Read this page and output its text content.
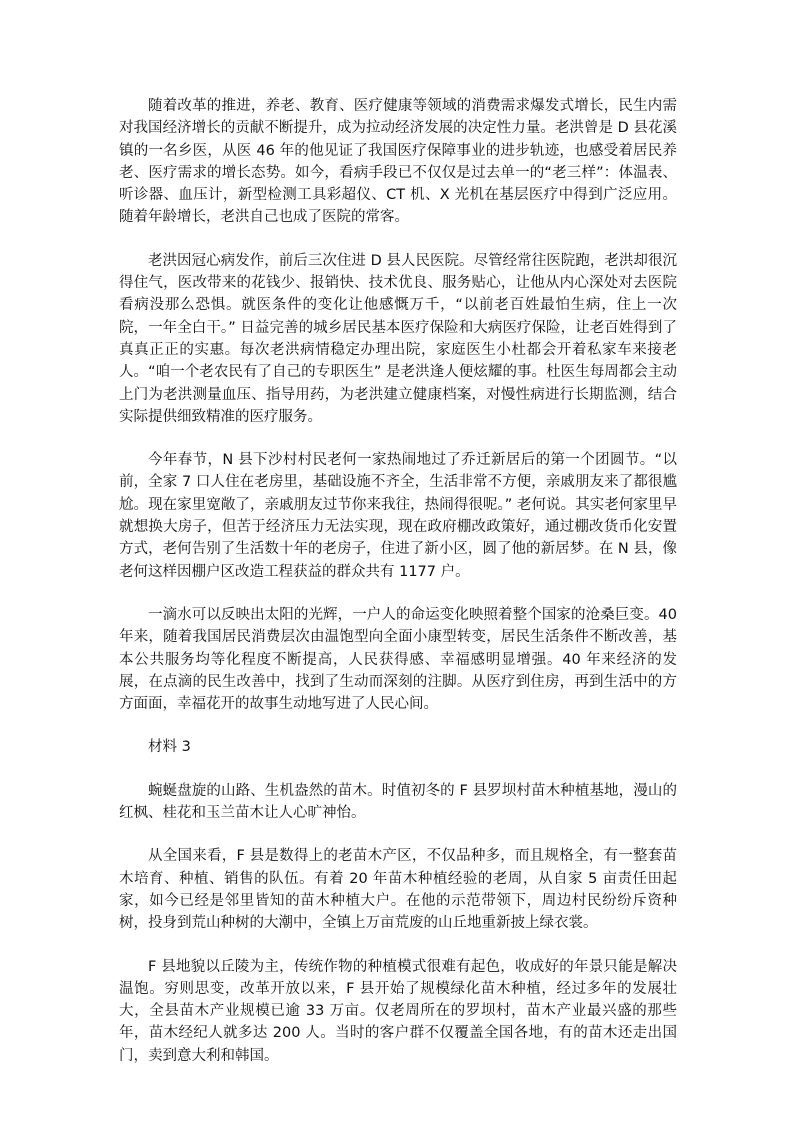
随着改革的推进，养老、教育、医疗健康等领域的消费需求爆发式增长，民生内需对我国经济增长的贡献不断提升，成为拉动经济发展的决定性力量。老洪曾是 D 县花溪镇的一名乡医，从医 46 年的他见证了我国医疗保障事业的进步轨迹，也感受着居民养老、医疗需求的增长态势。如今，看病手段已不仅仅是过去单一的“老三样”：体温表、听诊器、血压计，新型检测工具彩超仪、CT 机、X 光机在基层医疗中得到广泛应用。随着年龄增长，老洪自己也成了医院的常客。

老洪因冠心病发作，前后三次住进 D 县人民医院。尽管经常往医院跑，老洪却很沉得住气，医改带来的花钱少、报销快、技术优良、服务贴心，让他从内心深处对去医院看病没那么恐惧。就医条件的变化让他感慨万千，“以前老百姓最怕生病，住上一次院，一年全白干。” 日益完善的城乡居民基本医疗保险和大病医疗保险，让老百姓得到了真真正正的实惠。每次老洪病情稳定办理出院，家庭医生小杜都会开着私家车来接老人。“咱一个老农民有了自己的专职医生” 是老洪逢人便炫耀的事。杜医生每周都会主动上门为老洪测量血压、指导用药，为老洪建立健康档案，对慢性病进行长期监测，结合实际提供细致精准的医疗服务。

今年春节，N 县下沙村村民老何一家热闹地过了乔迁新居后的第一个团圆节。“以前，全家 7 口人住在老房里，基础设施不齐全，生活非常不方便，亲戚朋友来了都很尴尬。现在家里宽敞了，亲戚朋友过节你来我往，热闹得很呢。” 老何说。其实老何家里早就想换大房子，但苦于经济压力无法实现，现在政府棚改政策好，通过棚改货币化安置方式，老何告别了生活数十年的老房子，住进了新小区，圆了他的新居梦。在 N 县，像老何这样因棚户区改造工程获益的群众共有 1177 户。

一滴水可以反映出太阳的光辉，一户人的命运变化映照着整个国家的沧桑巨变。40 年来，随着我国居民消费层次由温饱型向全面小康型转变，居民生活条件不断改善，基本公共服务均等化程度不断提高，人民获得感、幸福感明显增强。40 年来经济的发展，在点滴的民生改善中，找到了生动而深刻的注脚。从医疗到住房，再到生活中的方方面面，幸福花开的故事生动地写进了人民心间。

材料 3

蜿蜒盘旋的山路、生机盎然的苗木。时值初冬的 F 县罗坝村苗木种植基地，漫山的红枫、桂花和玉兰苗木让人心旷神怡。

从全国来看，F 县是数得上的老苗木产区，不仅品种多，而且规格全，有一整套苗木培育、种植、销售的队伍。有着 20 年苗木种植经验的老周，从自家 5 亩责任田起家，如今已经是邻里皆知的苗木种植大户。在他的示范带领下，周边村民纷纷斥资种树，投身到荒山种树的大潮中，全镇上万亩荒废的山丘地重新披上绿衣裳。

F 县地貌以丘陵为主，传统作物的种植模式很难有起色，收成好的年景只能是解决温饱。穷则思变，改革开放以来，F 县开始了规模绿化苗木种植，经过多年的发展壮大，全县苗木产业规模已逾 33 万亩。仅老周所在的罗坝村，苗木产业最兴盛的那些年，苗木经纪人就多达 200 人。当时的客户群不仅覆盖全国各地，有的苗木还走出国门，卖到意大利和韩国。
